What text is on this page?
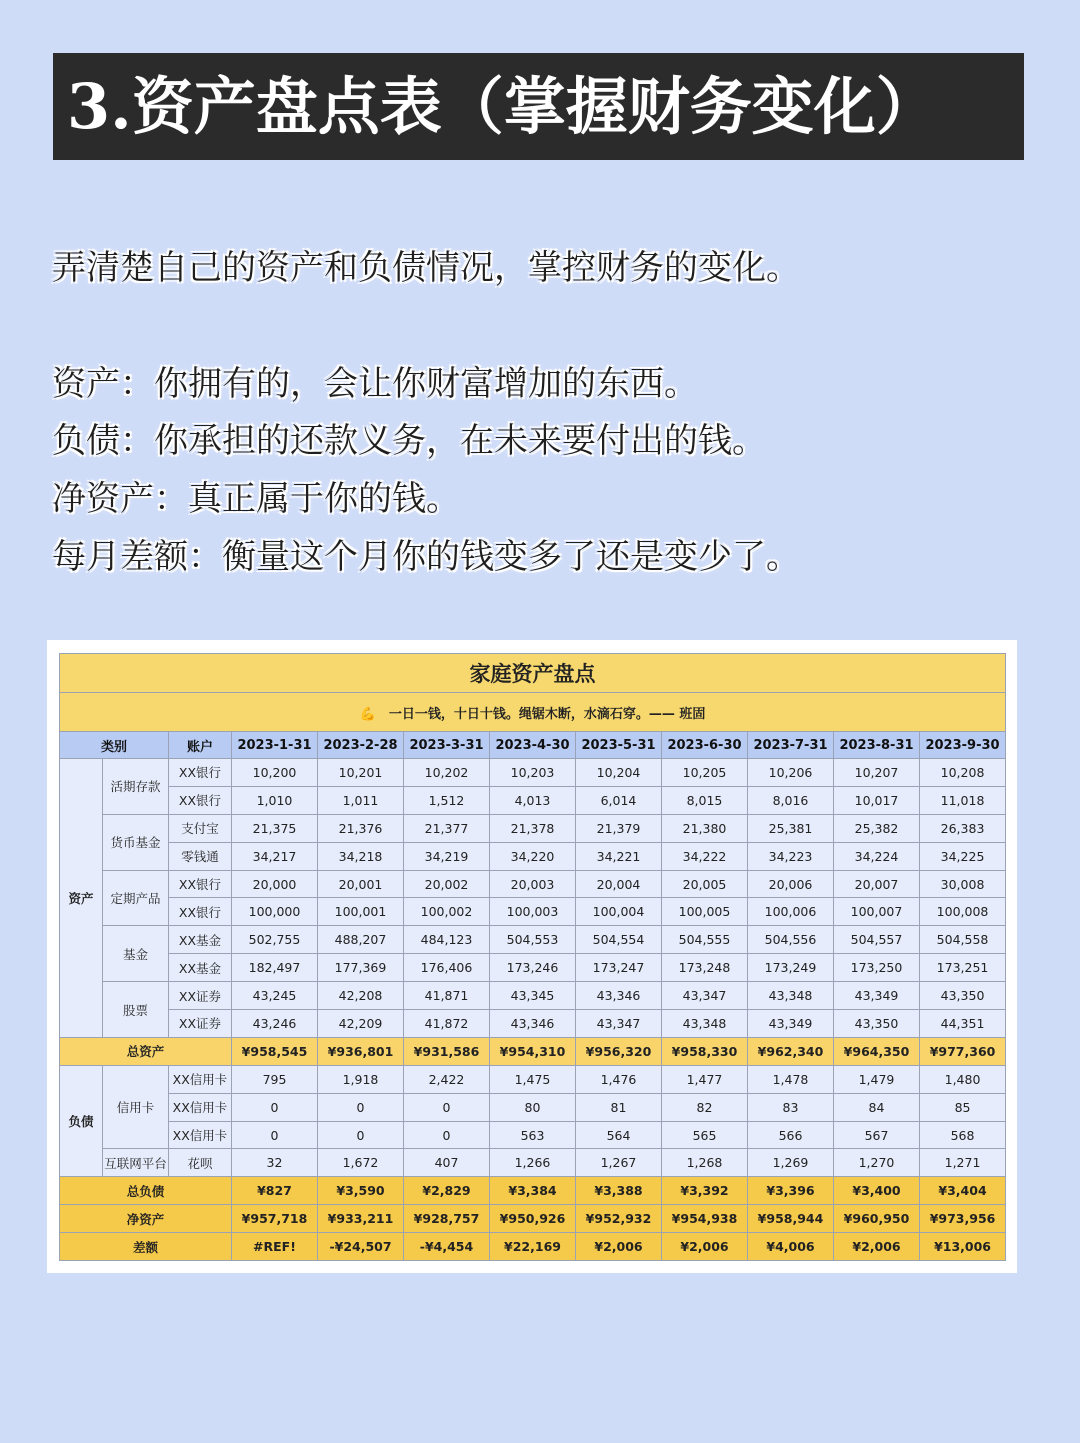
3.资产盘点表（掌握财务变化）
弄清楚自己的资产和负债情况，掌控财务的变化。
资产：你拥有的，会让你财富增加的东西。
负债：你承担的还款义务，在未来要付出的钱。
净资产：真正属于你的钱。
每月差额：衡量这个月你的钱变多了还是变少了。
家庭资产盘点											
💪　一日一钱，十日十钱。绳锯木断，水滴石穿。—— 班固											
类别		账户	2023-1-31	2023-2-28	2023-3-31	2023-4-30	2023-5-31	2023-6-30	2023-7-31	2023-8-31	2023-9-30
资产	活期存款	XX银行	10,200	10,201	10,202	10,203	10,204	10,205	10,206	10,207	10,208
		XX银行	1,010	1,011	1,512	4,013	6,014	8,015	8,016	10,017	11,018
	货币基金	支付宝	21,375	21,376	21,377	21,378	21,379	21,380	25,381	25,382	26,383
		零钱通	34,217	34,218	34,219	34,220	34,221	34,222	34,223	34,224	34,225
	定期产品	XX银行	20,000	20,001	20,002	20,003	20,004	20,005	20,006	20,007	30,008
		XX银行	100,000	100,001	100,002	100,003	100,004	100,005	100,006	100,007	100,008
	基金	XX基金	502,755	488,207	484,123	504,553	504,554	504,555	504,556	504,557	504,558
		XX基金	182,497	177,369	176,406	173,246	173,247	173,248	173,249	173,250	173,251
	股票	XX证券	43,245	42,208	41,871	43,345	43,346	43,347	43,348	43,349	43,350
		XX证券	43,246	42,209	41,872	43,346	43,347	43,348	43,349	43,350	44,351
总资产			¥958,545	¥936,801	¥931,586	¥954,310	¥956,320	¥958,330	¥962,340	¥964,350	¥977,360
负债	信用卡	XX信用卡	795	1,918	2,422	1,475	1,476	1,477	1,478	1,479	1,480
		XX信用卡	0	0	0	80	81	82	83	84	85
		XX信用卡	0	0	0	563	564	565	566	567	568
	互联网平台	花呗	32	1,672	407	1,266	1,267	1,268	1,269	1,270	1,271
总负债			¥827	¥3,590	¥2,829	¥3,384	¥3,388	¥3,392	¥3,396	¥3,400	¥3,404
净资产			¥957,718	¥933,211	¥928,757	¥950,926	¥952,932	¥954,938	¥958,944	¥960,950	¥973,956
差额			#REF!	-¥24,507	-¥4,454	¥22,169	¥2,006	¥2,006	¥4,006	¥2,006	¥13,006
